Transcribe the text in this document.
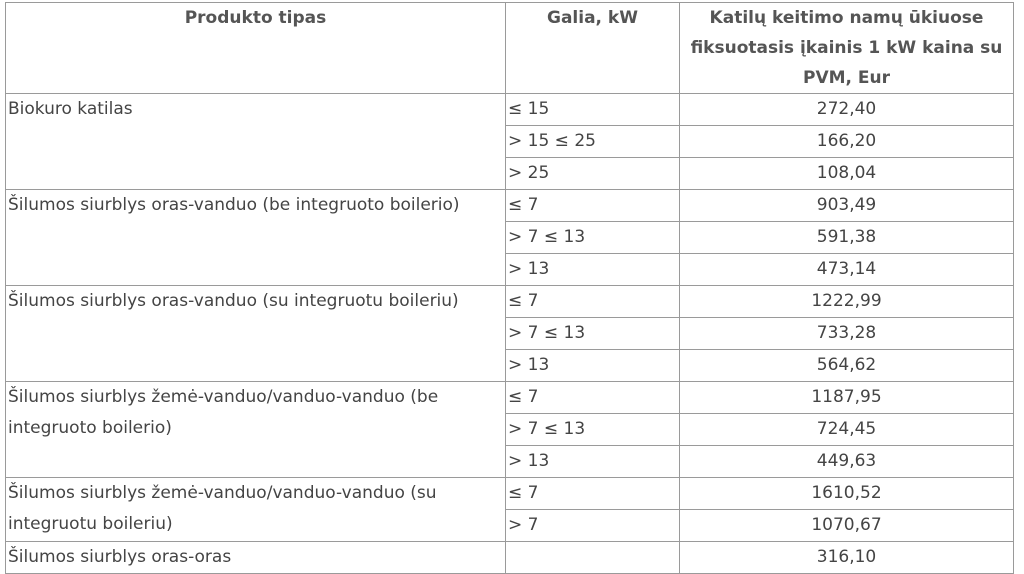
Produkto tipas	Galia, kW	Katilų keitimo namų ūkiuose fiksuotasis įkainis 1 kW kaina su PVM, Eur
Biokuro katilas	≤ 15	272,40
	> 15 ≤ 25	166,20
	> 25	108,04
Šilumos siurblys oras-vanduo (be integruoto boilerio)	≤ 7	903,49
	> 7 ≤ 13	591,38
	> 13	473,14
Šilumos siurblys oras-vanduo (su integruotu boileriu)	≤ 7	1222,99
	> 7 ≤ 13	733,28
	> 13	564,62
Šilumos siurblys žemė-vanduo/vanduo-vanduo (be integruoto boilerio)	≤ 7	1187,95
	> 7 ≤ 13	724,45
	> 13	449,63
Šilumos siurblys žemė-vanduo/vanduo-vanduo (su integruotu boileriu)	≤ 7	1610,52
	> 7	1070,67
Šilumos siurblys oras-oras		316,10
